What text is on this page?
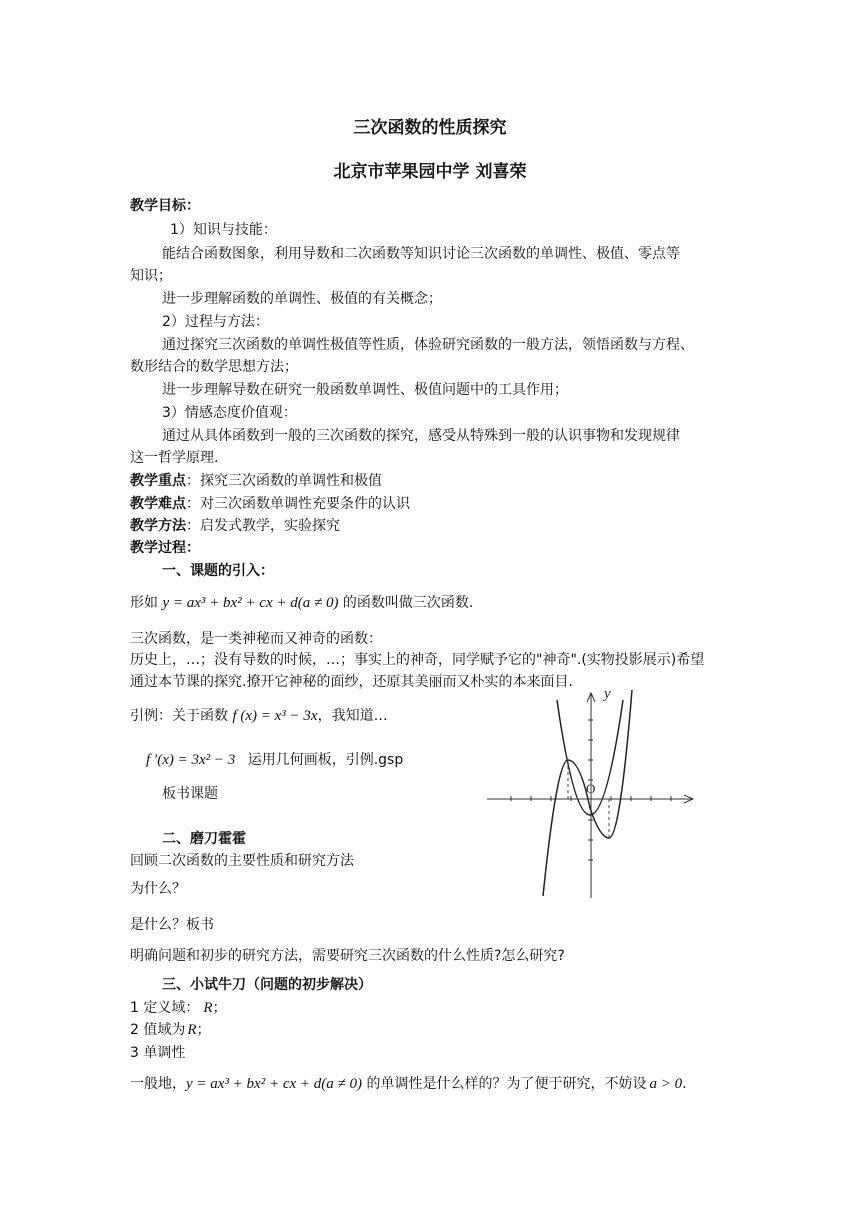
三次函数的性质探究
北京市苹果园中学 刘喜荣
教学目标：
1）知识与技能：
能结合函数图象，利用导数和二次函数等知识讨论三次函数的单调性、极值、零点等
知识；
进一步理解函数的单调性、极值的有关概念；
2）过程与方法：
通过探究三次函数的单调性极值等性质，体验研究函数的一般方法，领悟函数与方程、
数形结合的数学思想方法；
进一步理解导数在研究一般函数单调性、极值问题中的工具作用；
3）情感态度价值观：
通过从具体函数到一般的三次函数的探究，感受从特殊到一般的认识事物和发现规律
这一哲学原理.
教学重点：探究三次函数的单调性和极值
教学难点：对三次函数单调性充要条件的认识
教学方法：启发式教学，实验探究
教学过程：
一、课题的引入：
形如 y = ax³ + bx² + cx + d(a ≠ 0) 的函数叫做三次函数.
三次函数，是一类神秘而又神奇的函数：
历史上，…；没有导数的时候，…；事实上的神奇，同学赋予它的"神奇".(实物投影展示)希望
通过本节课的探究.撩开它神秘的面纱，还原其美丽而又朴实的本来面目.
引例：关于函数 f (x) = x³ − 3x，我知道…
f ′(x) = 3x² − 3 运用几何画板，引例.gsp
板书课题
y
O
二、磨刀霍霍
回顾二次函数的主要性质和研究方法
为什么？
是什么？板书
明确问题和初步的研究方法，需要研究三次函数的什么性质?怎么研究?
三、小试牛刀（问题的初步解决）
1 定义域： R；
2 值域为 R；
3 单调性
一般地，y = ax³ + bx² + cx + d(a ≠ 0) 的单调性是什么样的？为了便于研究，不妨设 a > 0.
